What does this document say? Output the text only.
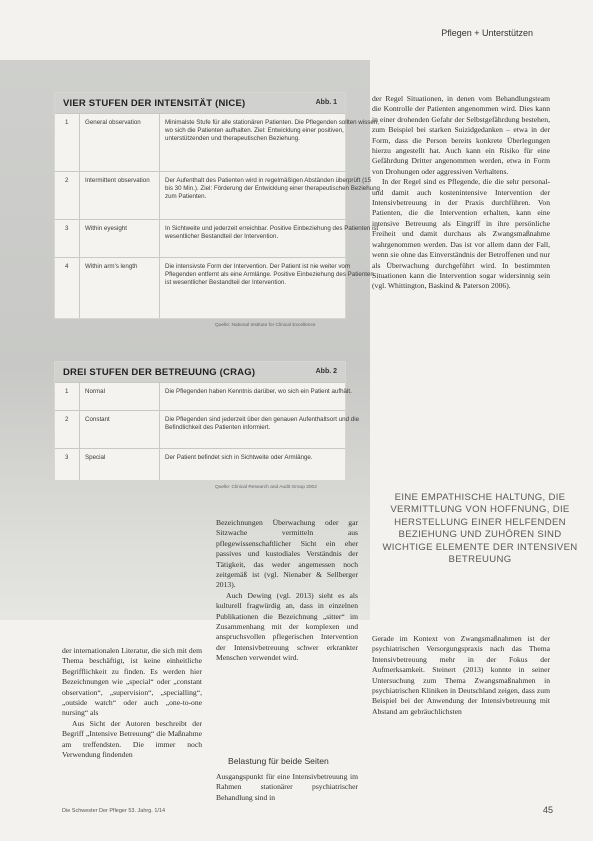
Pflegen + Unterstützen
VIER STUFEN DER INTENSITÄT (NICE)	Abb. 1
1	General observation	Minimalste Stufe für alle stationären Patienten. Die Pflegenden sollten wissen, wo sich die Patienten aufhalten. Ziel: Entwicklung einer positiven, unterstützenden und therapeutischen Beziehung.
2	Intermittent observation	Der Aufenthalt des Patienten wird in regelmäßigen Abständen überprüft (15 bis 30 Min.). Ziel: Förderung der Entwicklung einer therapeutischen Beziehung zum Patienten.
3	Within eyesight	In Sichtweite und jederzeit erreichbar. Positive Einbeziehung des Patienten ist wesentlicher Bestandteil der Intervention.
4	Within arm's length	Die intensivste Form der Intervention. Der Patient ist nie weiter vom Pflegenden entfernt als eine Armlänge. Positive Einbeziehung des Patienten ist wesentlicher Bestandteil der Intervention.
Quelle: National Institute for Clinical Excellence
DREI STUFEN DER BETREUUNG (CRAG)	Abb. 2
1	Normal	Die Pflegenden haben Kenntnis darüber, wo sich ein Patient aufhält.
2	Constant	Die Pflegenden sind jederzeit über den genauen Aufenthaltsort und die Befindlichkeit des Patienten informiert.
3	Special	Der Patient befindet sich in Sichtweite oder Armlänge.
Quelle: Clinical Research and Audit Group 2002
der Regel Situationen, in denen vom Behandlungsteam die Kontrolle der Patienten angenommen wird. Dies kann in einer drohenden Gefahr der Selbstgefährdung bestehen, zum Beispiel bei starken Suizidgedanken – etwa in der Form, dass die Person bereits konkrete Überlegungen hierzu angestellt hat. Auch kann ein Risiko für eine Gefährdung Dritter angenommen werden, etwa in Form von Drohungen oder aggressiven Verhaltens.
In der Regel sind es Pflegende, die die sehr personal- und damit auch kostenintensive Intervention der Intensivbetreuung in der Praxis durchführen. Von Patienten, die die Intervention erhalten, kann eine intensive Betreuung als Eingriff in ihre persönliche Freiheit und damit durchaus als Zwangsmaßnahme wahrgenommen werden. Das ist vor allem dann der Fall, wenn sie ohne das Einverständnis der Betroffenen und nur als Überwachung durchgeführt wird. In bestimmten Situationen kann die Intervention sogar widersinnig sein (vgl. Whittington, Baskind & Paterson 2006).
EINE EMPATHISCHE HALTUNG, DIE VERMITTLUNG VON HOFFNUNG, DIE HERSTELLUNG EINER HELFENDEN BEZIEHUNG UND ZUHÖREN SIND WICHTIGE ELEMENTE DER INTENSIVEN BETREUUNG
Bezeichnungen Überwachung oder gar Sitzwache vermitteln aus pflegewissenschaftlicher Sicht ein eher passives und kustodiales Verständnis der Tätigkeit, das weder angemessen noch zeitgemäß ist (vgl. Nienaber & Sellberger 2013).
Auch Dewing (vgl. 2013) sieht es als kulturell fragwürdig an, dass in einzelnen Publikationen die Bezeichnung „sitter“ im Zusammenhang mit der komplexen und anspruchsvollen pflegerischen Intervention der Intensivbetreuung schwer erkrankter Menschen verwendet wird.
Belastung für beide Seiten
Ausgangspunkt für eine Intensivbetreuung im Rahmen stationärer psychiatrischer Behandlung sind in
der internationalen Literatur, die sich mit dem Thema beschäftigt, ist keine einheitliche Begrifflichkeit zu finden. Es werden hier Bezeichnungen wie „special“ oder „constant observation“, „supervision“, „specialling“, „outside watch“ oder auch „one-to-one nursing“ als
Aus Sicht der Autoren beschreibt der Begriff „Intensive Betreuung“ die Maßnahme am treffendsten. Die immer noch Verwendung findenden
Gerade im Kontext von Zwangsmaßnahmen ist der psychiatrischen Versorgungspraxis nach das Thema Intensivbetreuung mehr in der Fokus der Aufmerksamkeit. Steinert (2013) konnte in seiner Untersuchung zum Thema Zwangsmaßnahmen in psychiatrischen Kliniken in Deutschland zeigen, dass zum Beispiel bei der Anwendung der Intensivbetreuung mit Abstand am gebräuchlichsten
Die Schwester Der Pfleger 53. Jahrg. 1/14	45
